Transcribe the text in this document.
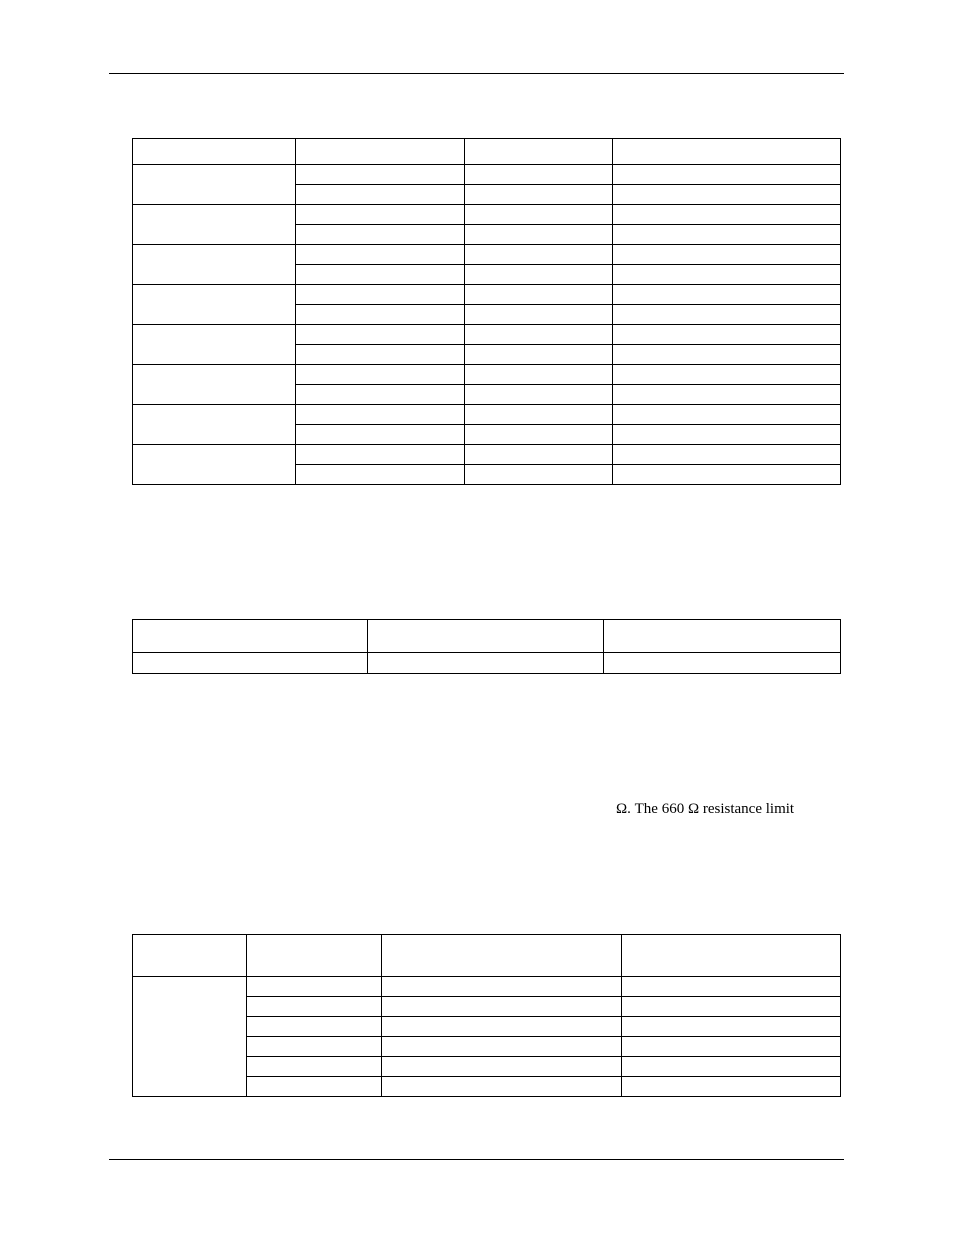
Ω. The 660 Ω resistance limit
